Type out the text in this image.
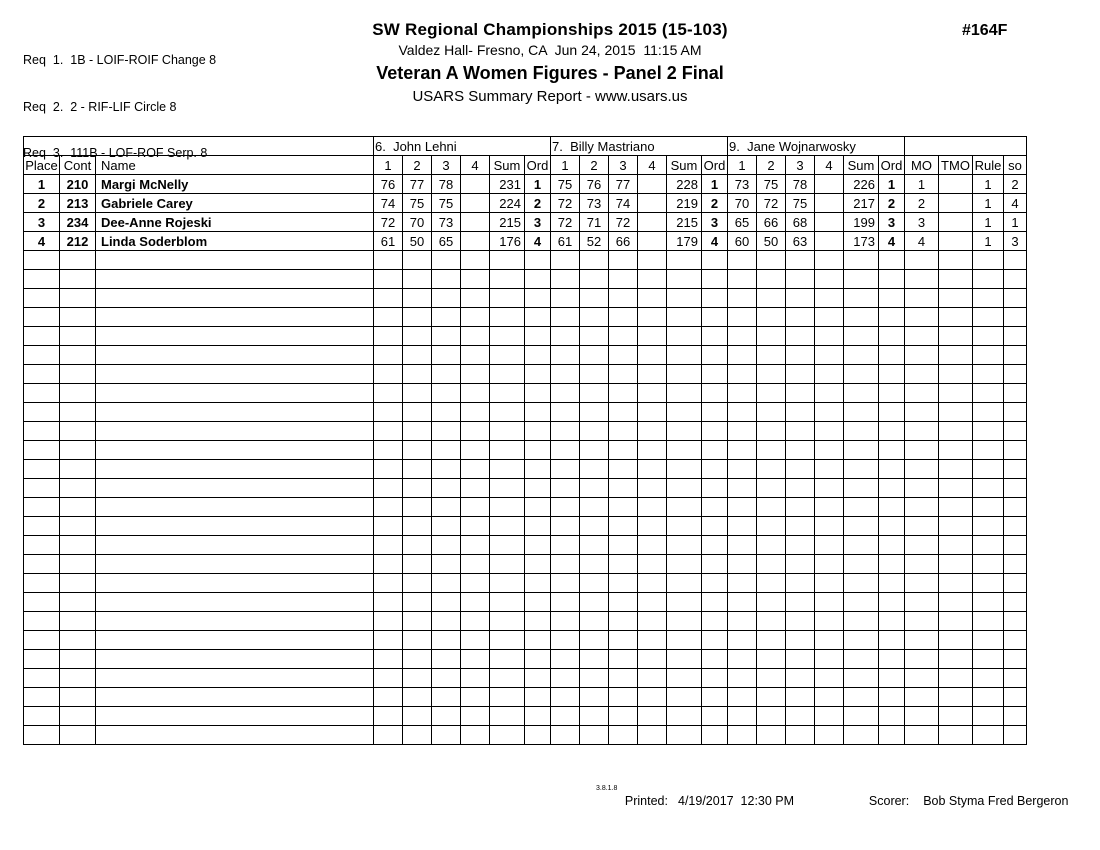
Req  1.  1B - LOIF-ROIF Change 8

Req  2.  2 - RIF-LIF Circle 8

Req  3.  111B - LOF-ROF Serp. 8

SW Regional Championships 2015 (15-103)
Valdez Hall- Fresno, CA  Jun 24, 2015  11:15 AM
Veteran A Women Figures - Panel 2 Final
USARS Summary Report - www.usars.us
#164F
			6.  John Lehni						7.  Billy Mastriano						9.  Jane Wojnarwosky									
Place	Cont	Name	1	2	3	4	Sum	Ord	1	2	3	4	Sum	Ord	1	2	3	4	Sum	Ord	MO	TMO	Rule	so
1	210	Margi McNelly	76	77	78		231	1	75	76	77		228	1	73	75	78		226	1	1		1	2
2	213	Gabriele Carey	74	75	75		224	2	72	73	74		219	2	70	72	75		217	2	2		1	4
3	234	Dee-Anne Rojeski	72	70	73		215	3	72	71	72		215	3	65	66	68		199	3	3		1	1
4	212	Linda Soderblom	61	50	65		176	4	61	52	66		179	4	60	50	63		173	4	4		1	3

3.8.1.8

Printed: 4/19/2017  12:30 PM
	Scorer: Bob Styma Fred Bergeron
